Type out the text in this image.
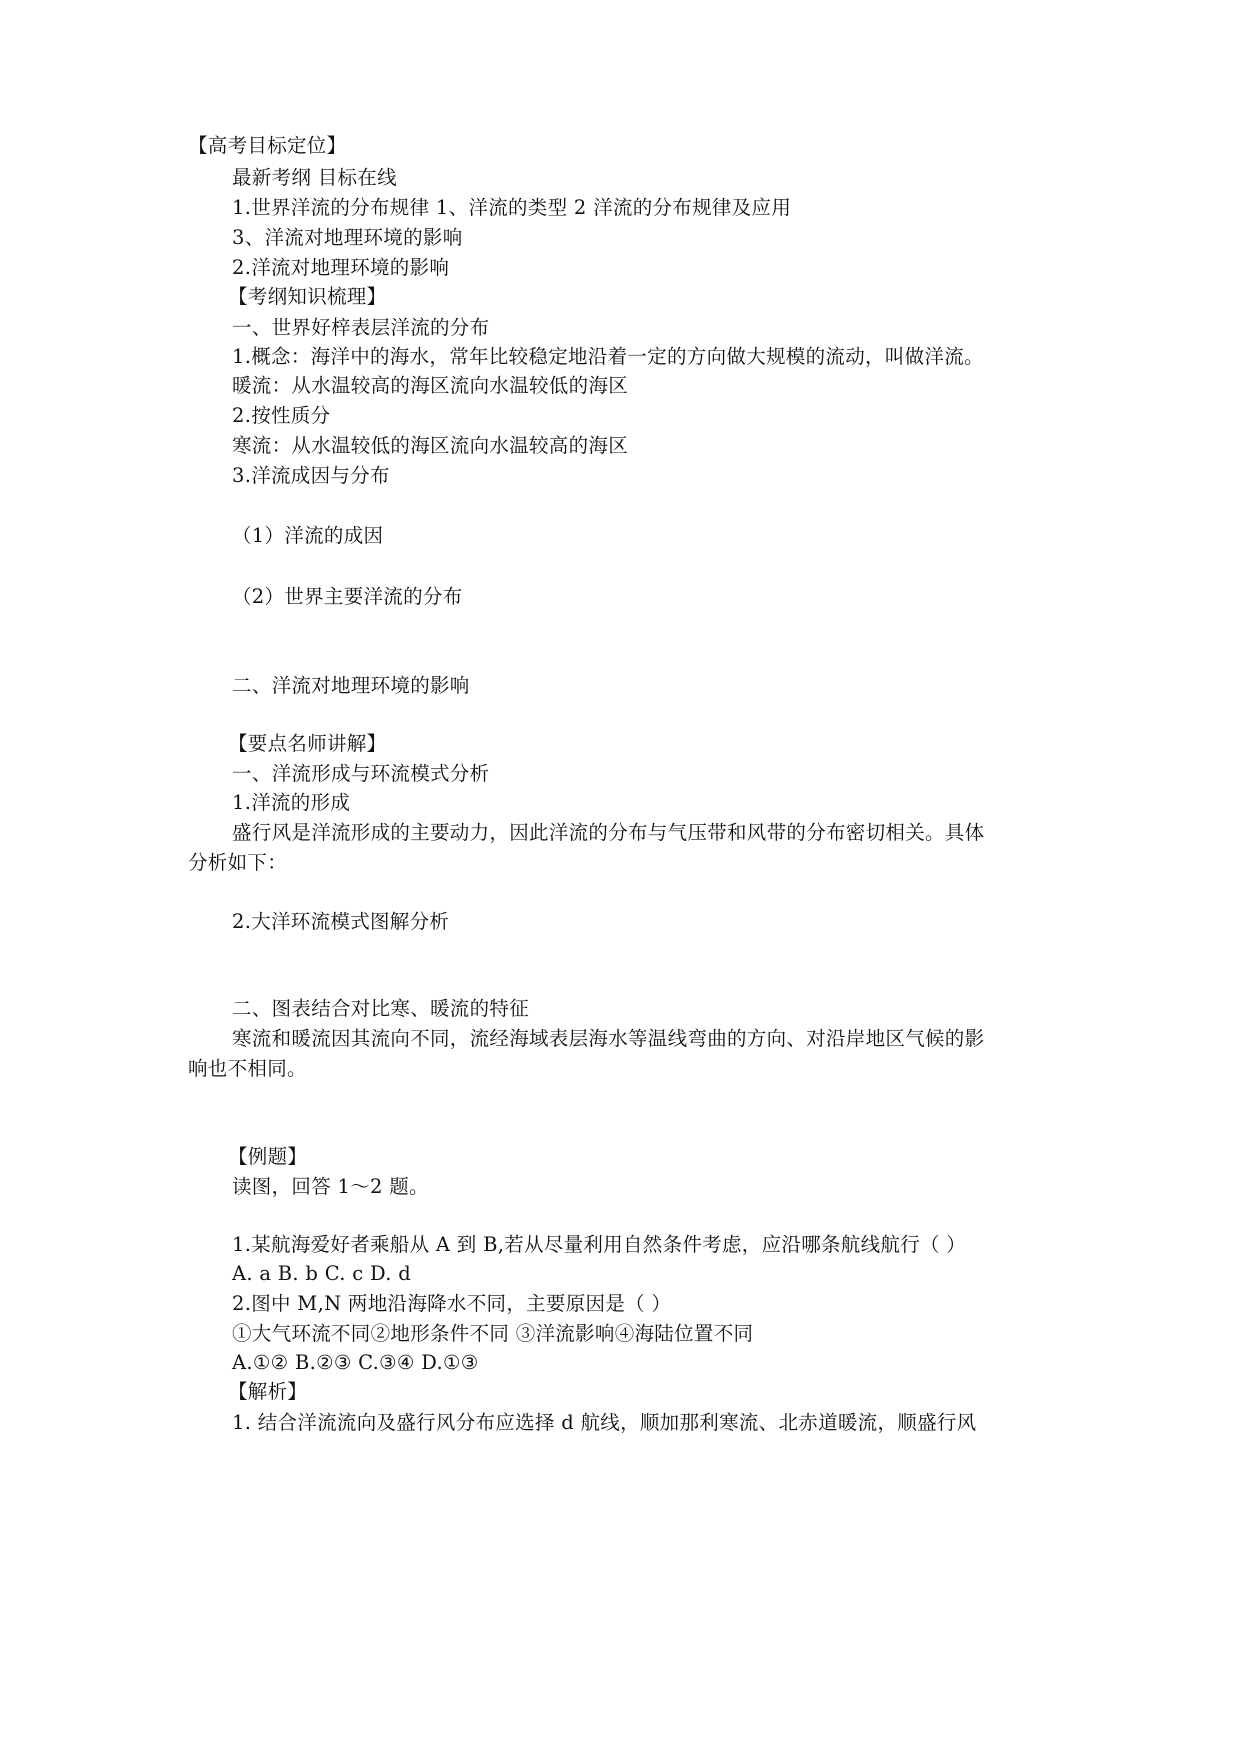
【高考目标定位】
最新考纲 目标在线
1.世界洋流的分布规律 1、洋流的类型 2 洋流的分布规律及应用
3、洋流对地理环境的影响
2.洋流对地理环境的影响
【考纲知识梳理】
一、世界好梓表层洋流的分布
1.概念：海洋中的海水，常年比较稳定地沿着一定的方向做大规模的流动，叫做洋流。
暖流：从水温较高的海区流向水温较低的海区
2.按性质分
寒流：从水温较低的海区流向水温较高的海区
3.洋流成因与分布
（1）洋流的成因
（2）世界主要洋流的分布
二、洋流对地理环境的影响
【要点名师讲解】
一、洋流形成与环流模式分析
1.洋流的形成
盛行风是洋流形成的主要动力，因此洋流的分布与气压带和风带的分布密切相关。具体
分析如下：
2.大洋环流模式图解分析
二、图表结合对比寒、暖流的特征
寒流和暖流因其流向不同，流经海域表层海水等温线弯曲的方向、对沿岸地区气候的影
响也不相同。
【例题】
读图，回答 1～2 题。
1.某航海爱好者乘船从 A 到 B,若从尽量利用自然条件考虑，应沿哪条航线航行（ ）
A. a B. b C. c D. d
2.图中 M,N 两地沿海降水不同，主要原因是（ ）
①大气环流不同②地形条件不同 ③洋流影响④海陆位置不同
A.①② B.②③ C.③④ D.①③
【解析】
1. 结合洋流流向及盛行风分布应选择 d 航线，顺加那利寒流、北赤道暖流，顺盛行风
